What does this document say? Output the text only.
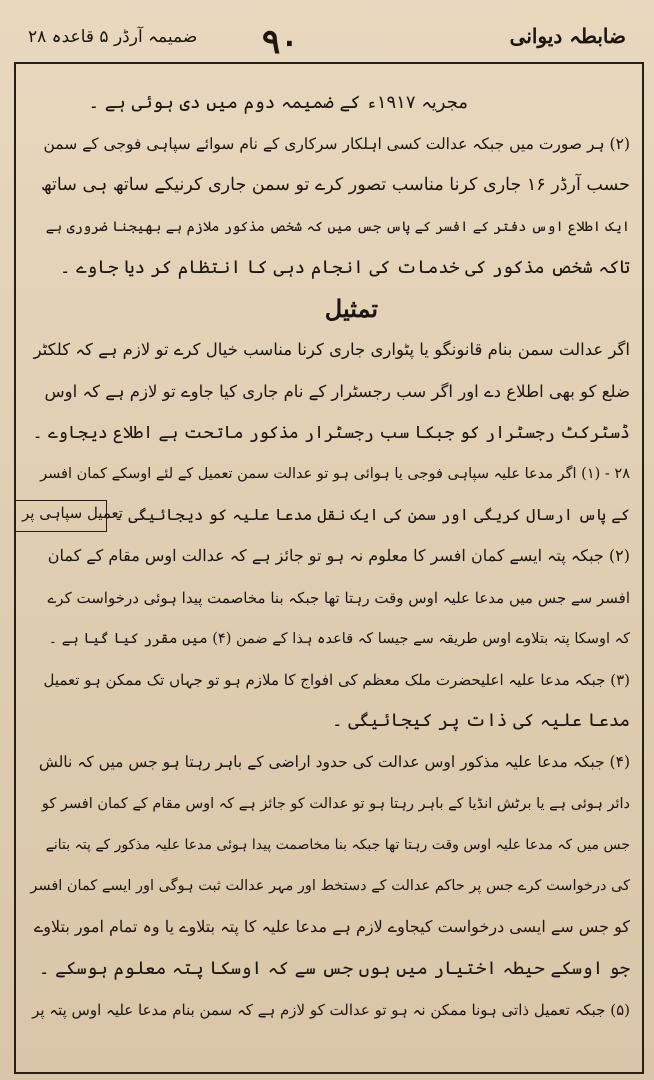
ضابطہ دیوانی
۹۰
ضمیمہ آرڈر ۵ قاعدہ ۲۸
تعمیل سپاہی پر
مجریہ ۱۹۱۷ء کے ضمیمہ دوم میں دی ہوئی ہے ۔
(۲) ہر صورت میں جبکہ عدالت کسی اہلکار سرکاری کے نام سوائے سپاہی فوجی کے سمن
حسب آرڈر ۱۶ جاری کرنا مناسب تصور کرے تو سمن جاری کرنیکے ساتھ ہی ساتھ
ایک اطلاع اوس دفتر کے افسر کے پاس جس میں کہ شخص مذکور ملازم ہے بھیجنا ضروری ہے
تاکہ شخص مذکور کی خدمات کی انجام دہی کا انتظام کر دیا جاوے ۔
تمثیل
اگر عدالت سمن بنام قانونگو یا پٹواری جاری کرنا مناسب خیال کرے تو لازم ہے کہ کلکٹر
ضلع کو بھی اطلاع دے اور اگر سب رجسٹرار کے نام جاری کیا جاوے تو لازم ہے کہ اوس
ڈسٹرکٹ رجسٹرار کو جبکا سب رجسٹرار مذکور ماتحت ہے اطلاع دیجاوے ۔
۲۸ - (۱) اگر مدعا علیہ سپاہی فوجی یا ہوائی ہو تو عدالت سمن تعمیل کے لئے اوسکے کمان افسر
کے پاس ارسال کریگی اور سمن کی ایک نقل مدعا علیہ کو دیجائیگی ۔
(۲) جبکہ پتہ ایسے کمان افسر کا معلوم نہ ہو تو جائز ہے کہ عدالت اوس مقام کے کمان
افسر سے جس میں مدعا علیہ اوس وقت رہتا تھا جبکہ بنا مخاصمت پیدا ہوئی درخواست کرے
کہ اوسکا پتہ بتلاوے اوس طریقہ سے جیسا کہ قاعدہ ہذا کے ضمن (۴) میں مقرر کیا گیا ہے ۔
(۳) جبکہ مدعا علیہ اعلیحضرت ملک معظم کی افواج کا ملازم ہو تو جہاں تک ممکن ہو تعمیل
مدعا علیہ کی ذات پر کیجائیگی ۔
(۴) جبکہ مدعا علیہ مذکور اوس عدالت کی حدود اراضی کے باہر رہتا ہو جس میں کہ نالش
دائر ہوئی ہے یا برٹش انڈیا کے باہر رہتا ہو تو عدالت کو جائز ہے کہ اوس مقام کے کمان افسر کو
جس میں کہ مدعا علیہ اوس وقت رہتا تھا جبکہ بنا مخاصمت پیدا ہوئی مدعا علیہ مذکور کے پتہ بتانے
کی درخواست کرے جس پر حاکم عدالت کے دستخط اور مہر عدالت ثبت ہوگی اور ایسے کمان افسر
کو جس سے ایسی درخواست کیجاوے لازم ہے مدعا علیہ کا پتہ بتلاوے یا وہ تمام امور بتلاوے
جو اوسکے حیطہ اختیار میں ہوں جس سے کہ اوسکا پتہ معلوم ہوسکے ۔
(۵) جبکہ تعمیل ذاتی ہونا ممکن نہ ہو تو عدالت کو لازم ہے کہ سمن بنام مدعا علیہ اوس پتہ پر
